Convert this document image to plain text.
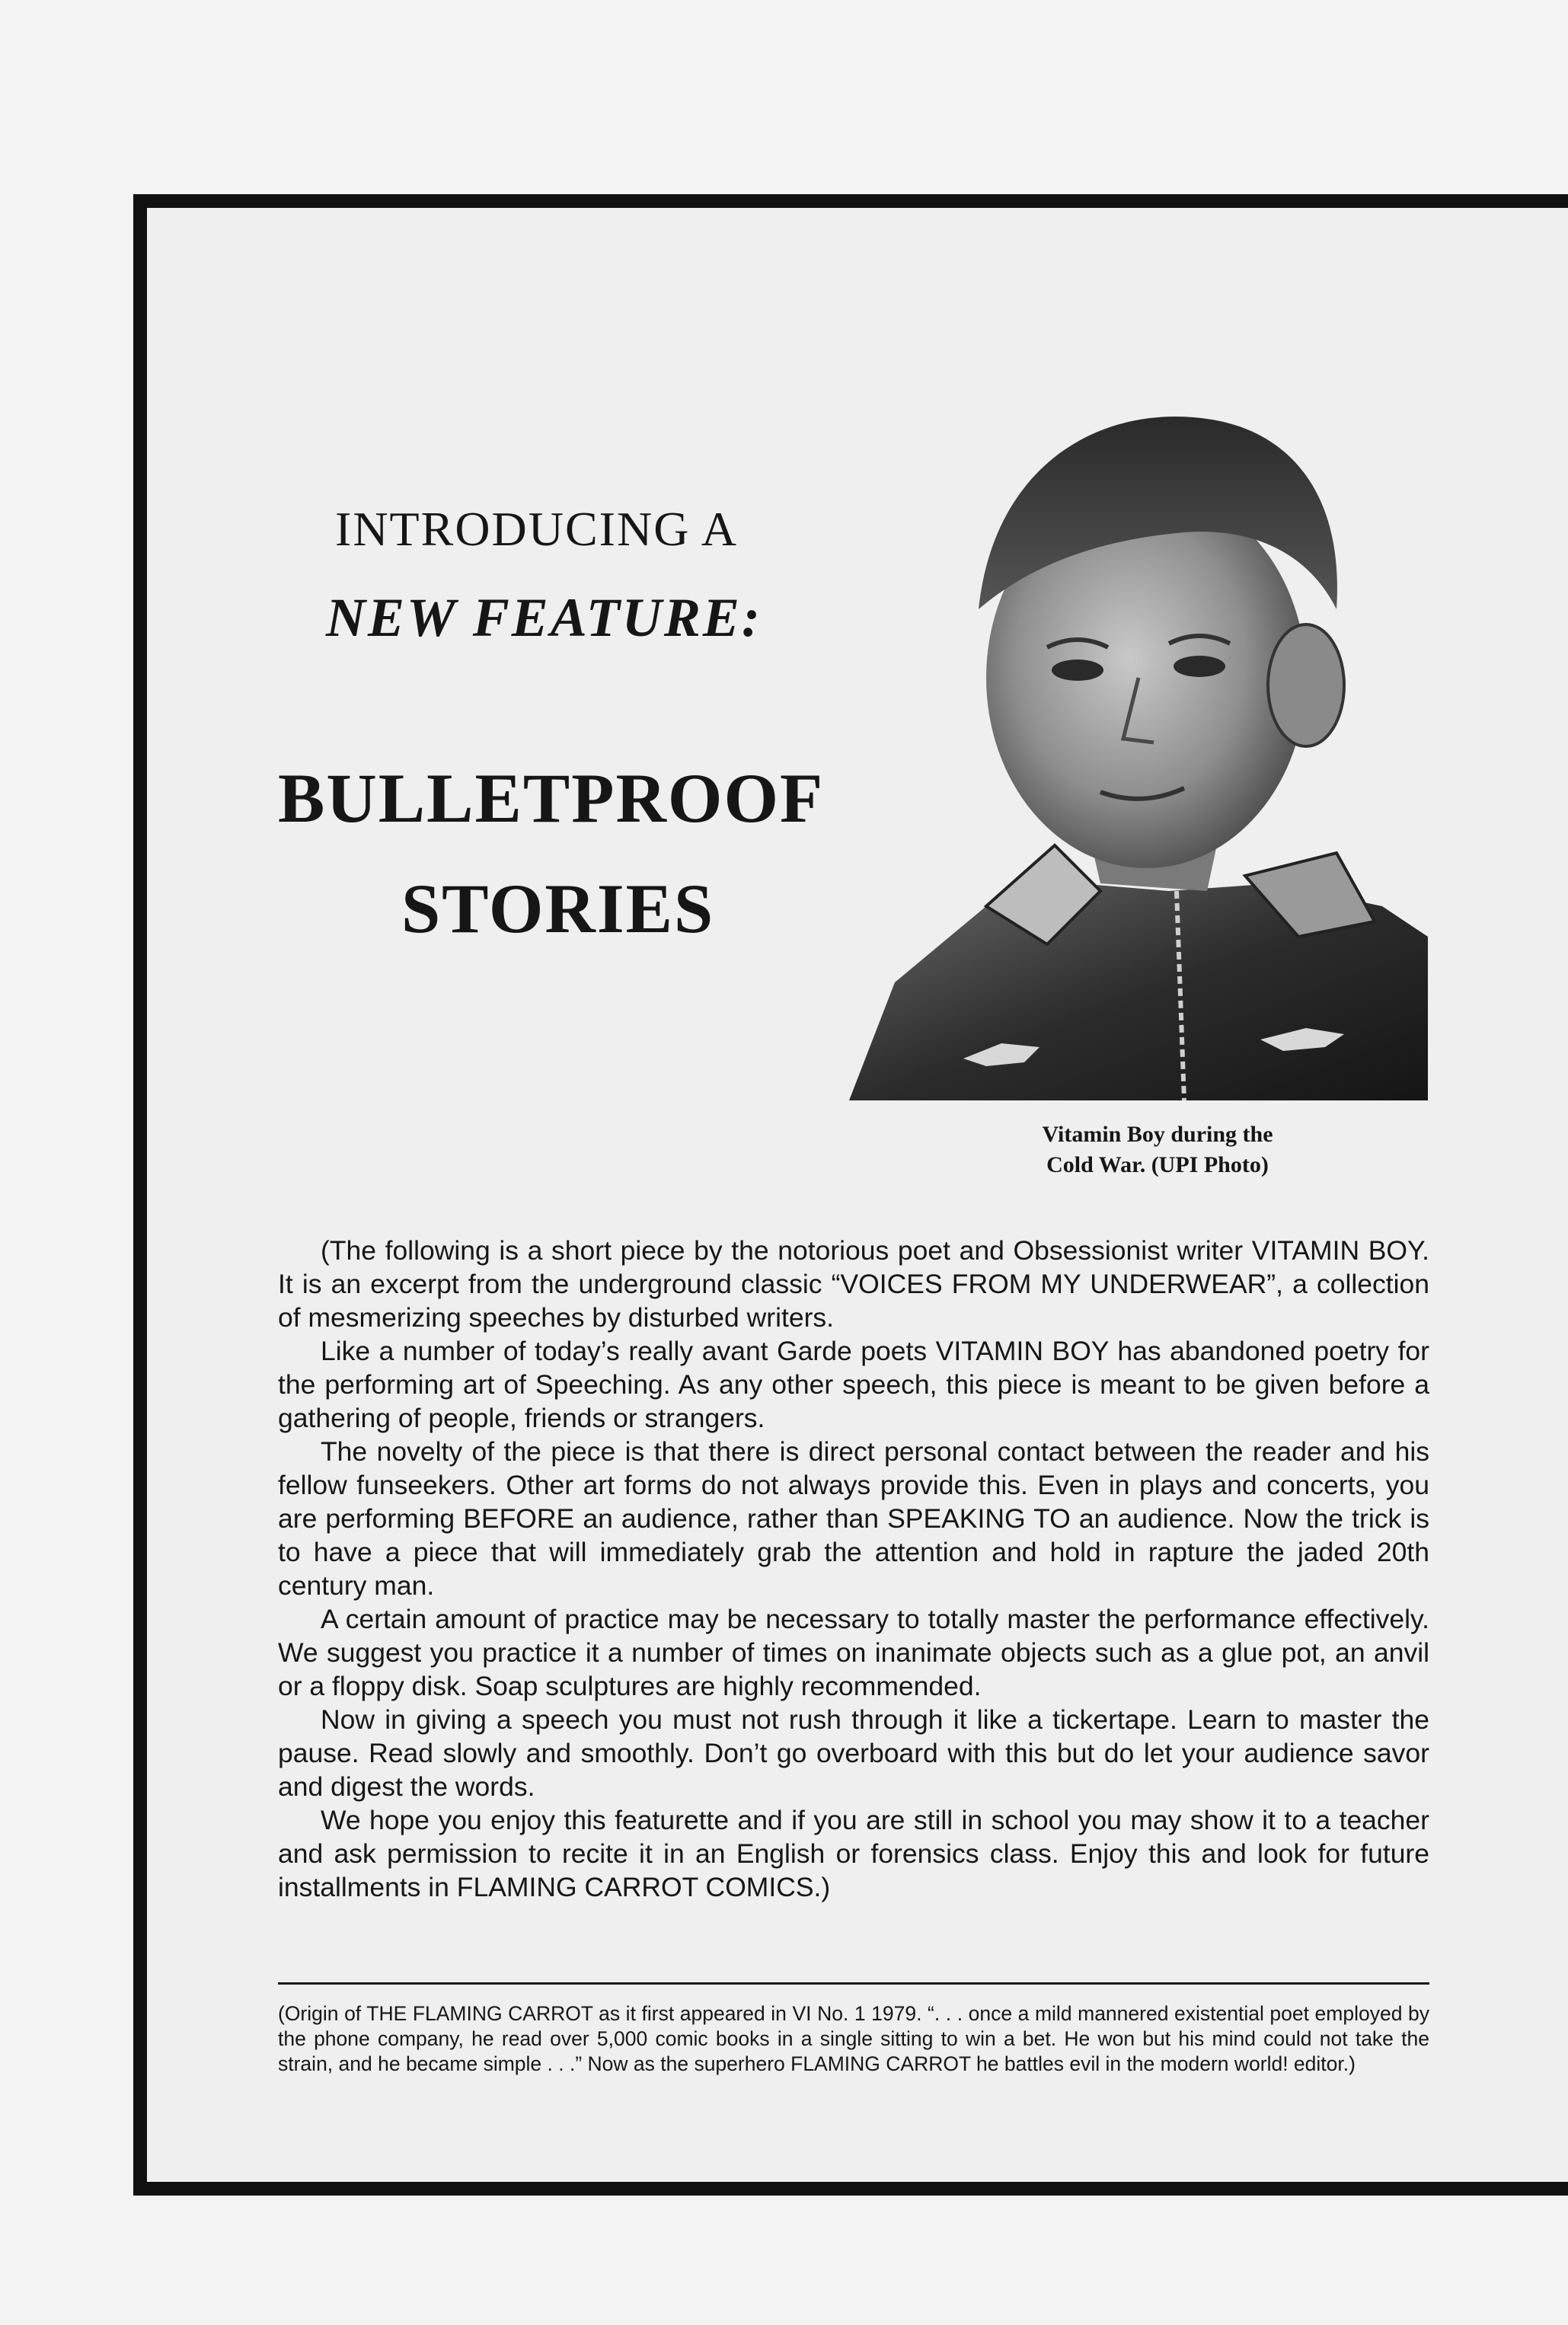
INTRODUCING A
NEW FEATURE:
BULLETPROOF
STORIES
Vitamin Boy during the
Cold War. (UPI Photo)

(The following is a short piece by the notorious poet and Obsessionist writer VITAMIN BOY. It is an excerpt from the underground classic “VOICES FROM MY UNDERWEAR”, a collection of mesmerizing speeches by disturbed writers.

Like a number of today’s really avant Garde poets VITAMIN BOY has abandoned poetry for the performing art of Speeching. As any other speech, this piece is meant to be given before a gathering of people, friends or strangers.

The novelty of the piece is that there is direct personal contact between the reader and his fellow funseekers. Other art forms do not always provide this. Even in plays and concerts, you are performing BEFORE an audience, rather than SPEAKING TO an audience. Now the trick is to have a piece that will immediately grab the attention and hold in rapture the jaded 20th century man.

A certain amount of practice may be necessary to totally master the performance effectively. We suggest you practice it a number of times on inanimate objects such as a glue pot, an anvil or a floppy disk. Soap sculptures are highly recommended.

Now in giving a speech you must not rush through it like a tickertape. Learn to master the pause. Read slowly and smoothly. Don’t go overboard with this but do let your audience savor and digest the words.

We hope you enjoy this featurette and if you are still in school you may show it to a teacher and ask permission to recite it in an English or forensics class. Enjoy this and look for future installments in FLAMING CARROT COMICS.)

(Origin of THE FLAMING CARROT as it first appeared in VI No. 1 1979. “. . . once a mild mannered existential poet employed by the phone company, he read over 5,000 comic books in a single sitting to win a bet. He won but his mind could not take the strain, and he became simple . . .” Now as the superhero FLAMING CARROT he battles evil in the modern world! editor.)
